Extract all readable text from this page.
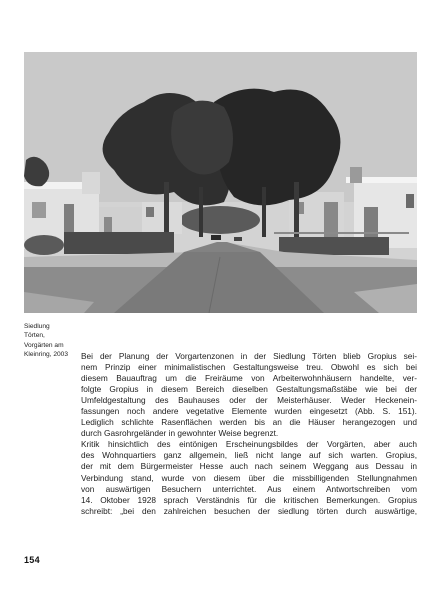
Siedlung
Törten,
Vorgärten am
Kleinring, 2003	Bei der Planung der Vorgartenzonen in der Siedlung Törten blieb Gropius sei-
nem Prinzip einer minimalistischen Gestaltungsweise treu. Obwohl es sich bei
diesem Bauauftrag um die Freiräume von Arbeiterwohnhäusern handelte, ver-
folgte Gropius in diesem Bereich dieselben Gestaltungsmaßstäbe wie bei der
Umfeldgestaltung des Bauhauses oder der Meisterhäuser. Weder Heckenein-
fassungen noch andere vegetative Elemente wurden eingesetzt (Abb. S. 151).
Lediglich schlichte Rasenflächen werden bis an die Häuser herangezogen und
durch Gasrohrgeländer in gewohnter Weise begrenzt.
Kritik hinsichtlich des eintönigen Erscheinungsbildes der Vorgärten, aber auch
des Wohnquartiers ganz allgemein, ließ nicht lange auf sich warten. Gropius,
der mit dem Bürgermeister Hesse auch nach seinem Weggang aus Dessau in
Verbindung stand, wurde von diesem über die missbilligenden Stellungnahmen
von auswärtigen Besuchern unterrichtet. Aus einem Antwortschreiben vom
14. Oktober 1928 sprach Verständnis für die kritischen Bemerkungen. Gropius
schreibt: „bei den zahlreichen besuchen der siedlung törten durch auswärtige,
154
